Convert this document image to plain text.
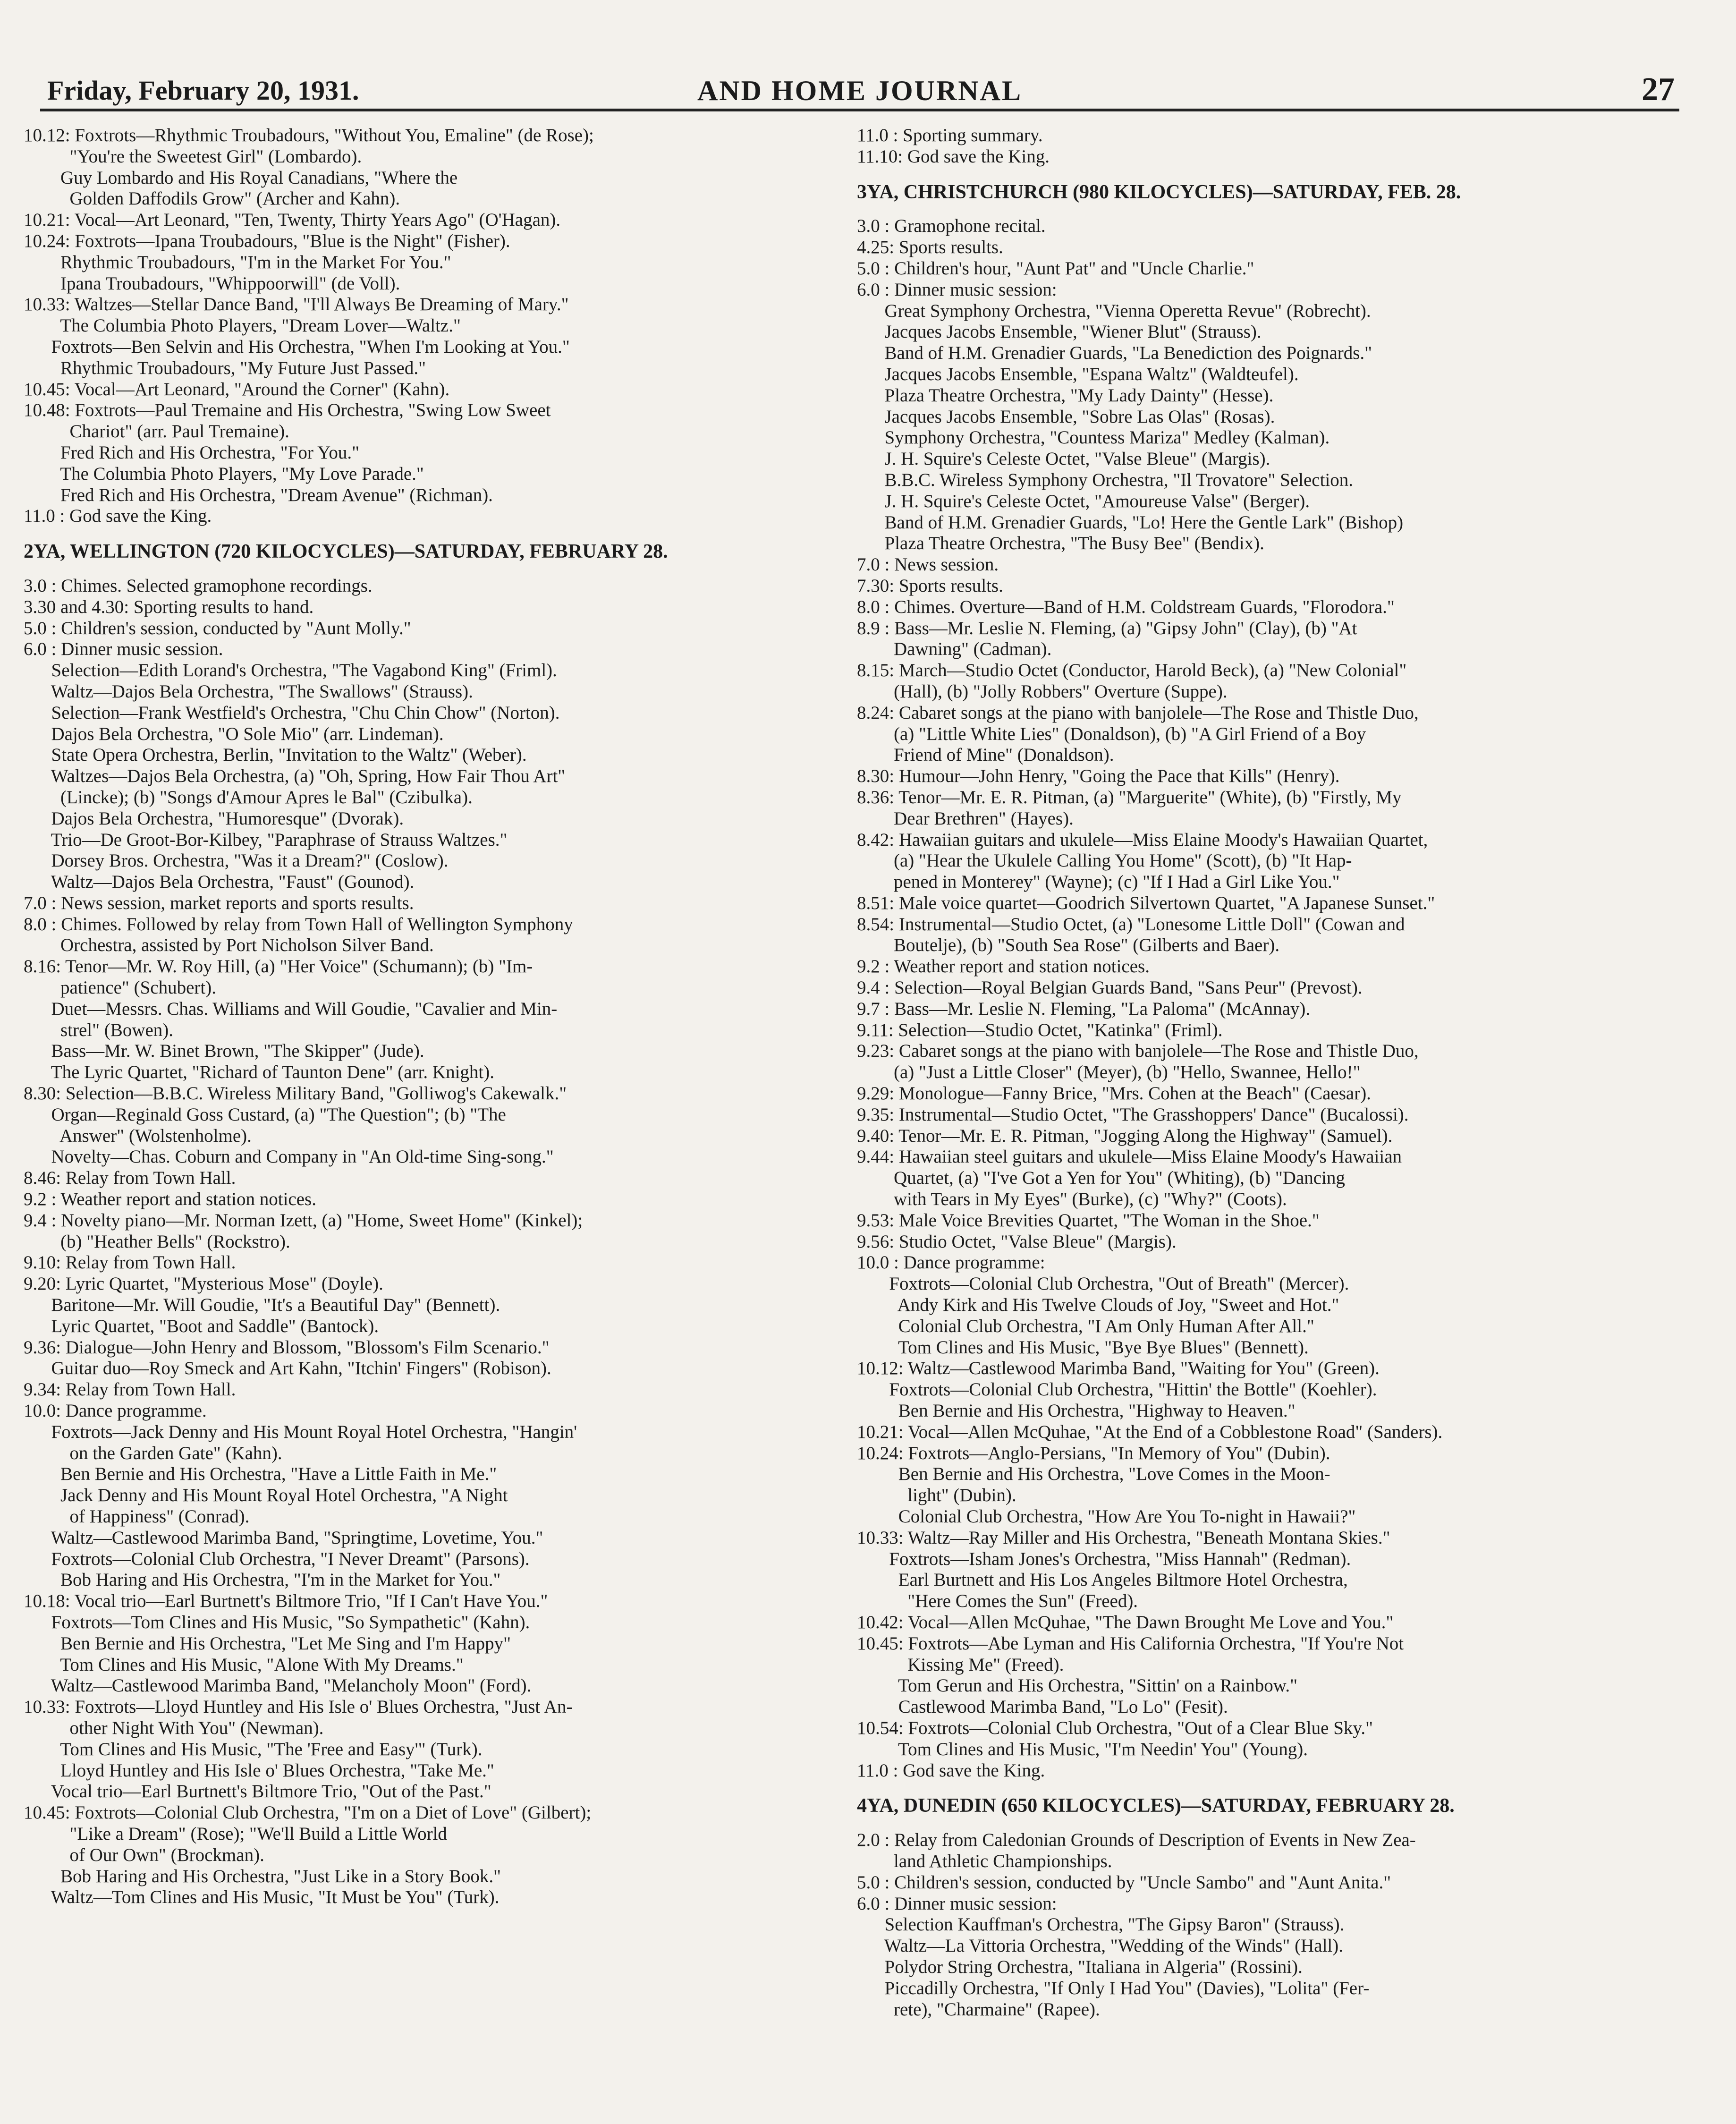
Friday, February 20, 1931.	AND HOME JOURNAL	27
10.12: Foxtrots—Rhythmic Troubadours, "Without You, Emaline" (de Rose);
"You're the Sweetest Girl" (Lombardo).
Guy Lombardo and His Royal Canadians, "Where the
Golden Daffodils Grow" (Archer and Kahn).
10.21: Vocal—Art Leonard, "Ten, Twenty, Thirty Years Ago" (O'Hagan).
10.24: Foxtrots—Ipana Troubadours, "Blue is the Night" (Fisher).
Rhythmic Troubadours, "I'm in the Market For You."
Ipana Troubadours, "Whippoorwill" (de Voll).
10.33: Waltzes—Stellar Dance Band, "I'll Always Be Dreaming of Mary."
The Columbia Photo Players, "Dream Lover—Waltz."
Foxtrots—Ben Selvin and His Orchestra, "When I'm Looking at You."
Rhythmic Troubadours, "My Future Just Passed."
10.45: Vocal—Art Leonard, "Around the Corner" (Kahn).
10.48: Foxtrots—Paul Tremaine and His Orchestra, "Swing Low Sweet
Chariot" (arr. Paul Tremaine).
Fred Rich and His Orchestra, "For You."
The Columbia Photo Players, "My Love Parade."
Fred Rich and His Orchestra, "Dream Avenue" (Richman).
11.0 : God save the King.
2YA, WELLINGTON (720 KILOCYCLES)—SATURDAY, FEBRUARY 28.
3.0 : Chimes. Selected gramophone recordings.
3.30 and 4.30: Sporting results to hand.
5.0 : Children's session, conducted by "Aunt Molly."
6.0 : Dinner music session.
Selection—Edith Lorand's Orchestra, "The Vagabond King" (Friml).
Waltz—Dajos Bela Orchestra, "The Swallows" (Strauss).
Selection—Frank Westfield's Orchestra, "Chu Chin Chow" (Norton).
Dajos Bela Orchestra, "O Sole Mio" (arr. Lindeman).
State Opera Orchestra, Berlin, "Invitation to the Waltz" (Weber).
Waltzes—Dajos Bela Orchestra, (a) "Oh, Spring, How Fair Thou Art"
(Lincke); (b) "Songs d'Amour Apres le Bal" (Czibulka).
Dajos Bela Orchestra, "Humoresque" (Dvorak).
Trio—De Groot-Bor-Kilbey, "Paraphrase of Strauss Waltzes."
Dorsey Bros. Orchestra, "Was it a Dream?" (Coslow).
Waltz—Dajos Bela Orchestra, "Faust" (Gounod).
7.0 : News session, market reports and sports results.
8.0 : Chimes. Followed by relay from Town Hall of Wellington Symphony
Orchestra, assisted by Port Nicholson Silver Band.
8.16: Tenor—Mr. W. Roy Hill, (a) "Her Voice" (Schumann); (b) "Im-
patience" (Schubert).
Duet—Messrs. Chas. Williams and Will Goudie, "Cavalier and Min-
strel" (Bowen).
Bass—Mr. W. Binet Brown, "The Skipper" (Jude).
The Lyric Quartet, "Richard of Taunton Dene" (arr. Knight).
8.30: Selection—B.B.C. Wireless Military Band, "Golliwog's Cakewalk."
Organ—Reginald Goss Custard, (a) "The Question"; (b) "The
Answer" (Wolstenholme).
Novelty—Chas. Coburn and Company in "An Old-time Sing-song."
8.46: Relay from Town Hall.
9.2 : Weather report and station notices.
9.4 : Novelty piano—Mr. Norman Izett, (a) "Home, Sweet Home" (Kinkel);
(b) "Heather Bells" (Rockstro).
9.10: Relay from Town Hall.
9.20: Lyric Quartet, "Mysterious Mose" (Doyle).
Baritone—Mr. Will Goudie, "It's a Beautiful Day" (Bennett).
Lyric Quartet, "Boot and Saddle" (Bantock).
9.36: Dialogue—John Henry and Blossom, "Blossom's Film Scenario."
Guitar duo—Roy Smeck and Art Kahn, "Itchin' Fingers" (Robison).
9.34: Relay from Town Hall.
10.0: Dance programme.
Foxtrots—Jack Denny and His Mount Royal Hotel Orchestra, "Hangin'
on the Garden Gate" (Kahn).
Ben Bernie and His Orchestra, "Have a Little Faith in Me."
Jack Denny and His Mount Royal Hotel Orchestra, "A Night
of Happiness" (Conrad).
Waltz—Castlewood Marimba Band, "Springtime, Lovetime, You."
Foxtrots—Colonial Club Orchestra, "I Never Dreamt" (Parsons).
Bob Haring and His Orchestra, "I'm in the Market for You."
10.18: Vocal trio—Earl Burtnett's Biltmore Trio, "If I Can't Have You."
Foxtrots—Tom Clines and His Music, "So Sympathetic" (Kahn).
Ben Bernie and His Orchestra, "Let Me Sing and I'm Happy"
Tom Clines and His Music, "Alone With My Dreams."
Waltz—Castlewood Marimba Band, "Melancholy Moon" (Ford).
10.33: Foxtrots—Lloyd Huntley and His Isle o' Blues Orchestra, "Just An-
other Night With You" (Newman).
Tom Clines and His Music, "The 'Free and Easy'" (Turk).
Lloyd Huntley and His Isle o' Blues Orchestra, "Take Me."
Vocal trio—Earl Burtnett's Biltmore Trio, "Out of the Past."
10.45: Foxtrots—Colonial Club Orchestra, "I'm on a Diet of Love" (Gilbert);
"Like a Dream" (Rose); "We'll Build a Little World
of Our Own" (Brockman).
Bob Haring and His Orchestra, "Just Like in a Story Book."
Waltz—Tom Clines and His Music, "It Must be You" (Turk).
11.0 : Sporting summary.
11.10: God save the King.
3YA, CHRISTCHURCH (980 KILOCYCLES)—SATURDAY, FEB. 28.
3.0 : Gramophone recital.
4.25: Sports results.
5.0 : Children's hour, "Aunt Pat" and "Uncle Charlie."
6.0 : Dinner music session:
Great Symphony Orchestra, "Vienna Operetta Revue" (Robrecht).
Jacques Jacobs Ensemble, "Wiener Blut" (Strauss).
Band of H.M. Grenadier Guards, "La Benediction des Poignards."
Jacques Jacobs Ensemble, "Espana Waltz" (Waldteufel).
Plaza Theatre Orchestra, "My Lady Dainty" (Hesse).
Jacques Jacobs Ensemble, "Sobre Las Olas" (Rosas).
Symphony Orchestra, "Countess Mariza" Medley (Kalman).
J. H. Squire's Celeste Octet, "Valse Bleue" (Margis).
B.B.C. Wireless Symphony Orchestra, "Il Trovatore" Selection.
J. H. Squire's Celeste Octet, "Amoureuse Valse" (Berger).
Band of H.M. Grenadier Guards, "Lo! Here the Gentle Lark" (Bishop)
Plaza Theatre Orchestra, "The Busy Bee" (Bendix).
7.0 : News session.
7.30: Sports results.
8.0 : Chimes. Overture—Band of H.M. Coldstream Guards, "Florodora."
8.9 : Bass—Mr. Leslie N. Fleming, (a) "Gipsy John" (Clay), (b) "At
Dawning" (Cadman).
8.15: March—Studio Octet (Conductor, Harold Beck), (a) "New Colonial"
(Hall), (b) "Jolly Robbers" Overture (Suppe).
8.24: Cabaret songs at the piano with banjolele—The Rose and Thistle Duo,
(a) "Little White Lies" (Donaldson), (b) "A Girl Friend of a Boy
Friend of Mine" (Donaldson).
8.30: Humour—John Henry, "Going the Pace that Kills" (Henry).
8.36: Tenor—Mr. E. R. Pitman, (a) "Marguerite" (White), (b) "Firstly, My
Dear Brethren" (Hayes).
8.42: Hawaiian guitars and ukulele—Miss Elaine Moody's Hawaiian Quartet,
(a) "Hear the Ukulele Calling You Home" (Scott), (b) "It Hap-
pened in Monterey" (Wayne); (c) "If I Had a Girl Like You."
8.51: Male voice quartet—Goodrich Silvertown Quartet, "A Japanese Sunset."
8.54: Instrumental—Studio Octet, (a) "Lonesome Little Doll" (Cowan and
Boutelje), (b) "South Sea Rose" (Gilberts and Baer).
9.2 : Weather report and station notices.
9.4 : Selection—Royal Belgian Guards Band, "Sans Peur" (Prevost).
9.7 : Bass—Mr. Leslie N. Fleming, "La Paloma" (McAnnay).
9.11: Selection—Studio Octet, "Katinka" (Friml).
9.23: Cabaret songs at the piano with banjolele—The Rose and Thistle Duo,
(a) "Just a Little Closer" (Meyer), (b) "Hello, Swannee, Hello!"
9.29: Monologue—Fanny Brice, "Mrs. Cohen at the Beach" (Caesar).
9.35: Instrumental—Studio Octet, "The Grasshoppers' Dance" (Bucalossi).
9.40: Tenor—Mr. E. R. Pitman, "Jogging Along the Highway" (Samuel).
9.44: Hawaiian steel guitars and ukulele—Miss Elaine Moody's Hawaiian
Quartet, (a) "I've Got a Yen for You" (Whiting), (b) "Dancing
with Tears in My Eyes" (Burke), (c) "Why?" (Coots).
9.53: Male Voice Brevities Quartet, "The Woman in the Shoe."
9.56: Studio Octet, "Valse Bleue" (Margis).
10.0 : Dance programme:
Foxtrots—Colonial Club Orchestra, "Out of Breath" (Mercer).
Andy Kirk and His Twelve Clouds of Joy, "Sweet and Hot."
Colonial Club Orchestra, "I Am Only Human After All."
Tom Clines and His Music, "Bye Bye Blues" (Bennett).
10.12: Waltz—Castlewood Marimba Band, "Waiting for You" (Green).
Foxtrots—Colonial Club Orchestra, "Hittin' the Bottle" (Koehler).
Ben Bernie and His Orchestra, "Highway to Heaven."
10.21: Vocal—Allen McQuhae, "At the End of a Cobblestone Road" (Sanders).
10.24: Foxtrots—Anglo-Persians, "In Memory of You" (Dubin).
Ben Bernie and His Orchestra, "Love Comes in the Moon-
light" (Dubin).
Colonial Club Orchestra, "How Are You To-night in Hawaii?"
10.33: Waltz—Ray Miller and His Orchestra, "Beneath Montana Skies."
Foxtrots—Isham Jones's Orchestra, "Miss Hannah" (Redman).
Earl Burtnett and His Los Angeles Biltmore Hotel Orchestra,
"Here Comes the Sun" (Freed).
10.42: Vocal—Allen McQuhae, "The Dawn Brought Me Love and You."
10.45: Foxtrots—Abe Lyman and His California Orchestra, "If You're Not
Kissing Me" (Freed).
Tom Gerun and His Orchestra, "Sittin' on a Rainbow."
Castlewood Marimba Band, "Lo Lo" (Fesit).
10.54: Foxtrots—Colonial Club Orchestra, "Out of a Clear Blue Sky."
Tom Clines and His Music, "I'm Needin' You" (Young).
11.0 : God save the King.
4YA, DUNEDIN (650 KILOCYCLES)—SATURDAY, FEBRUARY 28.
2.0 : Relay from Caledonian Grounds of Description of Events in New Zea-
land Athletic Championships.
5.0 : Children's session, conducted by "Uncle Sambo" and "Aunt Anita."
6.0 : Dinner music session:
Selection Kauffman's Orchestra, "The Gipsy Baron" (Strauss).
Waltz—La Vittoria Orchestra, "Wedding of the Winds" (Hall).
Polydor String Orchestra, "Italiana in Algeria" (Rossini).
Piccadilly Orchestra, "If Only I Had You" (Davies), "Lolita" (Fer-
rete), "Charmaine" (Rapee).
